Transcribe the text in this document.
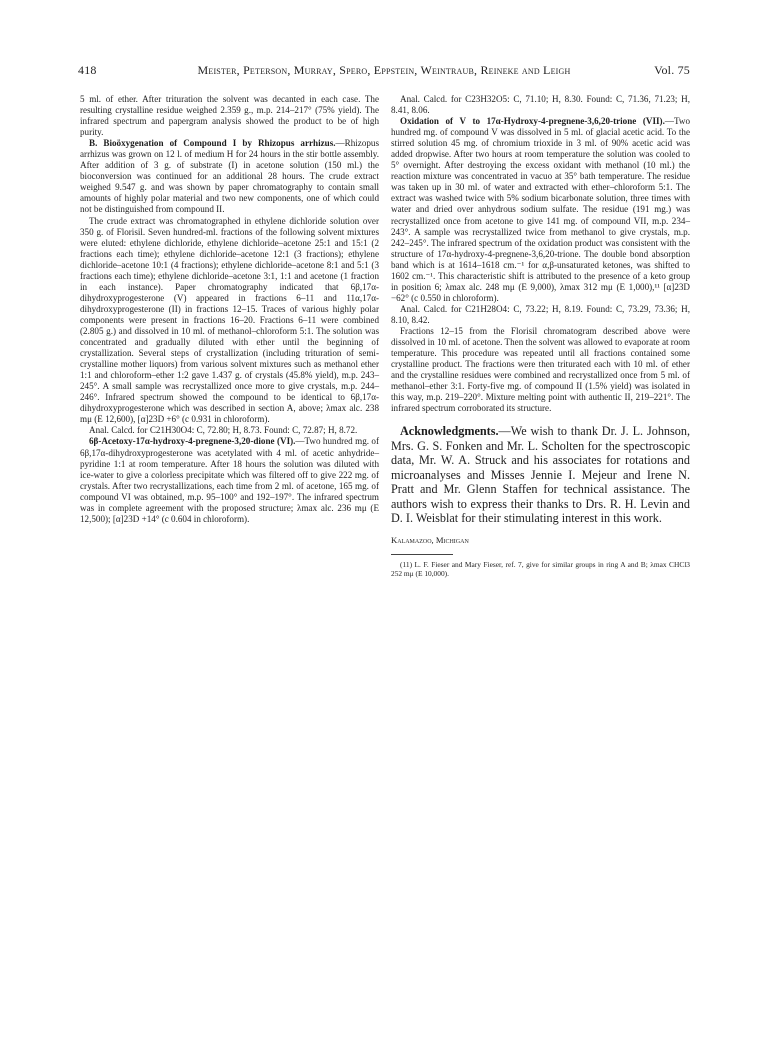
418	Meister, Peterson, Murray, Spero, Eppstein, Weintraub, Reineke and Leigh	Vol. 75

5 ml. of ether. After trituration the solvent was decanted in each case. The resulting crystalline residue weighed 2.359 g., m.p. 214–217° (75% yield). The infrared spectrum and papergram analysis showed the product to be of high purity.

B. Bioöxygenation of Compound I by Rhizopus arrhizus.—Rhizopus arrhizus was grown on 12 l. of medium H for 24 hours in the stir bottle assembly. After addition of 3 g. of substrate (I) in acetone solution (150 ml.) the bioconversion was continued for an additional 28 hours. The crude extract weighed 9.547 g. and was shown by paper chromatography to contain small amounts of highly polar material and two new components, one of which could not be distinguished from compound II.

The crude extract was chromatographed in ethylene dichloride solution over 350 g. of Florisil. Seven hundred-ml. fractions of the following solvent mixtures were eluted: ethylene dichloride, ethylene dichloride–acetone 25:1 and 15:1 (2 fractions each time); ethylene dichloride–acetone 12:1 (3 fractions); ethylene dichloride–acetone 10:1 (4 fractions); ethylene dichloride–acetone 8:1 and 5:1 (3 fractions each time); ethylene dichloride–acetone 3:1, 1:1 and acetone (1 fraction in each instance). Paper chromatography indicated that 6β,17α-dihydroxyprogesterone (V) appeared in fractions 6–11 and 11α,17α-dihydroxyprogesterone (II) in fractions 12–15. Traces of various highly polar components were present in fractions 16–20. Fractions 6–11 were combined (2.805 g.) and dissolved in 10 ml. of methanol–chloroform 5:1. The solution was concentrated and gradually diluted with ether until the beginning of crystallization. Several steps of crystallization (including trituration of semi-crystalline mother liquors) from various solvent mixtures such as methanol ether 1:1 and chloroform–ether 1:2 gave 1.437 g. of crystals (45.8% yield), m.p. 243–245°. A small sample was recrystallized once more to give crystals, m.p. 244–246°. Infrared spectrum showed the compound to be identical to 6β,17α-dihydroxyprogesterone which was described in section A, above; λmax alc. 238 mμ (E 12,600), [α]23D +6° (c 0.931 in chloroform).

Anal. Calcd. for C21H30O4: C, 72.80; H, 8.73. Found: C, 72.87; H, 8.72.

6β-Acetoxy-17α-hydroxy-4-pregnene-3,20-dione (VI).—Two hundred mg. of 6β,17α-dihydroxyprogesterone was acetylated with 4 ml. of acetic anhydride–pyridine 1:1 at room temperature. After 18 hours the solution was diluted with ice-water to give a colorless precipitate which was filtered off to give 222 mg. of crystals. After two recrystallizations, each time from 2 ml. of acetone, 165 mg. of compound VI was obtained, m.p. 95–100° and 192–197°. The infrared spectrum was in complete agreement with the proposed structure; λmax alc. 236 mμ (E 12,500); [α]23D +14° (c 0.604 in chloroform).

Anal. Calcd. for C23H32O5: C, 71.10; H, 8.30. Found: C, 71.36, 71.23; H, 8.41, 8.06.

Oxidation of V to 17α-Hydroxy-4-pregnene-3,6,20-trione (VII).—Two hundred mg. of compound V was dissolved in 5 ml. of glacial acetic acid. To the stirred solution 45 mg. of chromium trioxide in 3 ml. of 90% acetic acid was added dropwise. After two hours at room temperature the solution was cooled to 5° overnight. After destroying the excess oxidant with methanol (10 ml.) the reaction mixture was concentrated in vacuo at 35° bath temperature. The residue was taken up in 30 ml. of water and extracted with ether–chloroform 5:1. The extract was washed twice with 5% sodium bicarbonate solution, three times with water and dried over anhydrous sodium sulfate. The residue (191 mg.) was recrystallized once from acetone to give 141 mg. of compound VII, m.p. 234–243°. A sample was recrystallized twice from methanol to give crystals, m.p. 242–245°. The infrared spectrum of the oxidation product was consistent with the structure of 17α-hydroxy-4-pregnene-3,6,20-trione. The double bond absorption band which is at 1614–1618 cm.⁻¹ for α,β-unsaturated ketones, was shifted to 1602 cm.⁻¹. This characteristic shift is attributed to the presence of a keto group in position 6; λmax alc. 248 mμ (E 9,000), λmax 312 mμ (E 1,000),¹¹ [α]23D −62° (c 0.550 in chloroform).

Anal. Calcd. for C21H28O4: C, 73.22; H, 8.19. Found: C, 73.29, 73.36; H, 8.10, 8.42.

Fractions 12–15 from the Florisil chromatogram described above were dissolved in 10 ml. of acetone. Then the solvent was allowed to evaporate at room temperature. This procedure was repeated until all fractions contained some crystalline product. The fractions were then triturated each with 10 ml. of ether and the crystalline residues were combined and recrystallized once from 5 ml. of methanol–ether 3:1. Forty-five mg. of compound II (1.5% yield) was isolated in this way, m.p. 219–220°. Mixture melting point with authentic II, 219–221°. The infrared spectrum corroborated its structure.

Acknowledgments.—We wish to thank Dr. J. L. Johnson, Mrs. G. S. Fonken and Mr. L. Scholten for the spectroscopic data, Mr. W. A. Struck and his associates for rotations and microanalyses and Misses Jennie I. Mejeur and Irene N. Pratt and Mr. Glenn Staffen for technical assistance. The authors wish to express their thanks to Drs. R. H. Levin and D. I. Weisblat for their stimulating interest in this work.

Kalamazoo, Michigan

(11) L. F. Fieser and Mary Fieser, ref. 7, give for similar groups in ring A and B; λmax CHCl3 252 mμ (E 10,000).
